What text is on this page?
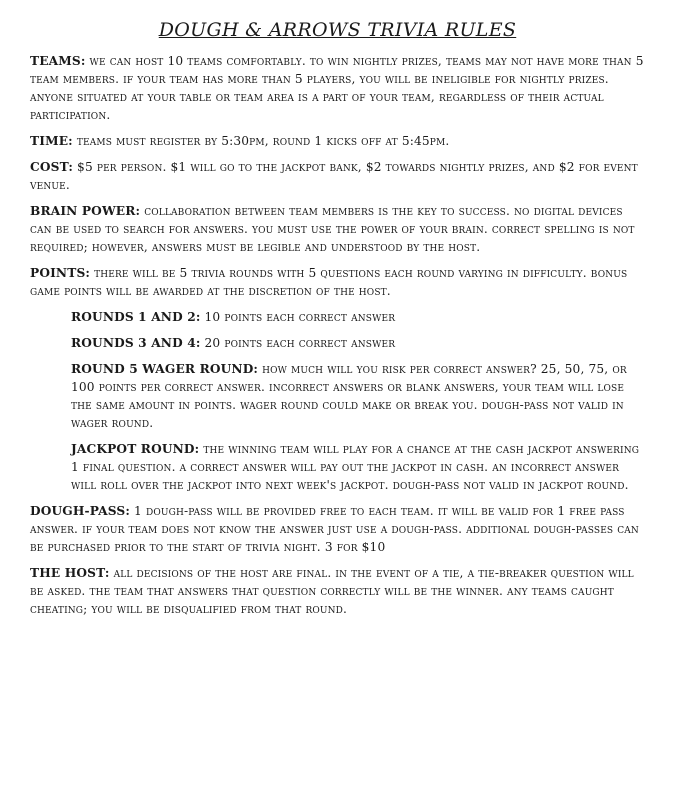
DOUGH & ARROWS TRIVIA RULES
TEAMS: we can host 10 teams comfortably. to win nightly prizes, teams may not have more than 5 team members. if your team has more than 5 players, you will be ineligible for nightly prizes. anyone situated at your table or team area is a part of your team, regardless of their actual participation.
TIME: teams must register by 5:30pm, round 1 kicks off at 5:45pm.
COST: $5 per person. $1 will go to the jackpot bank, $2 towards nightly prizes, and $2 for event venue.
BRAIN POWER: collaboration between team members is the key to success. no digital devices can be used to search for answers. you must use the power of your brain. correct spelling is not required; however, answers must be legible and understood by the host.
POINTS: there will be 5 trivia rounds with 5 questions each round varying in difficulty. bonus game points will be awarded at the discretion of the host.
ROUNDS 1 AND 2: 10 points each correct answer
ROUNDS 3 AND 4: 20 points each correct answer
ROUND 5 WAGER ROUND: how much will you risk per correct answer? 25, 50, 75, or 100 points per correct answer. incorrect answers or blank answers, your team will lose the same amount in points. wager round could make or break you. dough-pass not valid in wager round.
JACKPOT ROUND: the winning team will play for a chance at the cash jackpot answering 1 final question. a correct answer will pay out the jackpot in cash. an incorrect answer will roll over the jackpot into next week's jackpot. dough-pass not valid in jackpot round.
DOUGH-PASS: 1 dough-pass will be provided free to each team. it will be valid for 1 free pass answer. if your team does not know the answer just use a dough-pass. additional dough-passes can be purchased prior to the start of trivia night. 3 for $10
THE HOST: all decisions of the host are final. in the event of a tie, a tie-breaker question will be asked. the team that answers that question correctly will be the winner. any teams caught cheating; you will be disqualified from that round.
